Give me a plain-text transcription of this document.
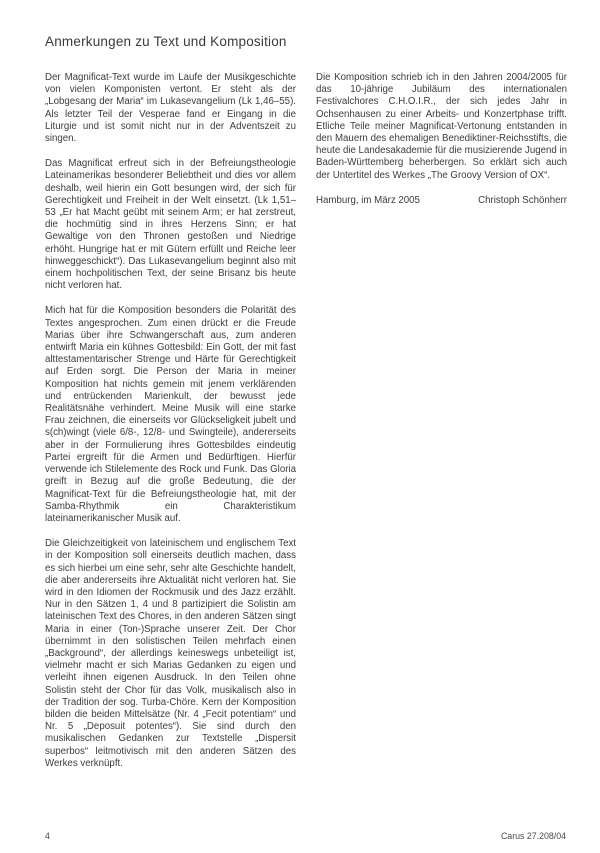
Anmerkungen zu Text und Komposition

Der Magnificat-Text wurde im Laufe der Musikgeschichte von vielen Komponisten vertont. Er steht als der „Lobgesang der Maria“ im Lukasevangelium (Lk 1,46–55). Als letzter Teil der Vesperae fand er Eingang in die Liturgie und ist somit nicht nur in der Adventszeit zu singen.

Das Magnificat erfreut sich in der Befreiungstheologie Lateinamerikas besonderer Beliebtheit und dies vor allem deshalb, weil hierin ein Gott besungen wird, der sich für Gerechtigkeit und Freiheit in der Welt einsetzt. (Lk 1,51–53 „Er hat Macht geübt mit seinem Arm; er hat zerstreut, die hochmütig sind in ihres Herzens Sinn; er hat Gewaltige von den Thronen gestoßen und Niedrige erhöht. Hungrige hat er mit Gütern erfüllt und Reiche leer hinweggeschickt“). Das Lukasevangelium beginnt also mit einem hochpolitischen Text, der seine Brisanz bis heute nicht verloren hat.

Mich hat für die Komposition besonders die Polarität des Textes angesprochen. Zum einen drückt er die Freude Marias über ihre Schwangerschaft aus, zum anderen entwirft Maria ein kühnes Gottesbild: Ein Gott, der mit fast alttestamentarischer Strenge und Härte für Gerechtigkeit auf Erden sorgt. Die Person der Maria in meiner Komposition hat nichts gemein mit jenem verklärenden und entrückenden Marienkult, der bewusst jede Realitätsnähe verhindert. Meine Musik will eine starke Frau zeichnen, die einerseits vor Glückseligkeit jubelt und s(ch)wingt (viele 6/8-, 12/8- und Swingteile), andererseits aber in der Formulierung ihres Gottesbildes eindeutig Partei ergreift für die Armen und Bedürftigen. Hierfür verwende ich Stilelemente des Rock und Funk. Das Gloria greift in Bezug auf die große Bedeutung, die der Magnificat-Text für die Befreiungstheologie hat, mit der Samba-Rhythmik ein Charakteristikum lateinamerikanischer Musik auf.

Die Gleichzeitigkeit von lateinischem und englischem Text in der Komposition soll einerseits deutlich machen, dass es sich hierbei um eine sehr, sehr alte Geschichte handelt, die aber andererseits ihre Aktualität nicht verloren hat. Sie wird in den Idiomen der Rockmusik und des Jazz erzählt. Nur in den Sätzen 1, 4 und 8 partizipiert die Solistin am lateinischen Text des Chores, in den anderen Sätzen singt Maria in einer (Ton-)Sprache unserer Zeit. Der Chor übernimmt in den solistischen Teilen mehrfach einen „Background“, der allerdings keineswegs unbeteiligt ist, vielmehr macht er sich Marias Gedanken zu eigen und verleiht ihnen eigenen Ausdruck. In den Teilen ohne Solistin steht der Chor für das Volk, musikalisch also in der Tradition der sog. Turba-Chöre. Kern der Komposition bilden die beiden Mittelsätze (Nr. 4 „Fecit potentiam“ und Nr. 5 „Deposuit potentes“). Sie sind durch den musikalischen Gedanken zur Textstelle „Dispersit superbos“ leitmotivisch mit den anderen Sätzen des Werkes verknüpft.

Die Komposition schrieb ich in den Jahren 2004/2005 für das 10-jährige Jubiläum des internationalen Festivalchores C.H.O.I.R., der sich jedes Jahr in Ochsenhausen zu einer Arbeits- und Konzertphase trifft. Etliche Teile meiner Magnificat-Vertonung entstanden in den Mauern des ehemaligen Benediktiner-Reichsstifts, die heute die Landesakademie für die musizierende Jugend in Baden-Württemberg beherbergen. So erklärt sich auch der Untertitel des Werkes „The Groovy Version of OX“.

Hamburg, im März 2005	Christoph Schönherr
4	Carus 27.208/04
